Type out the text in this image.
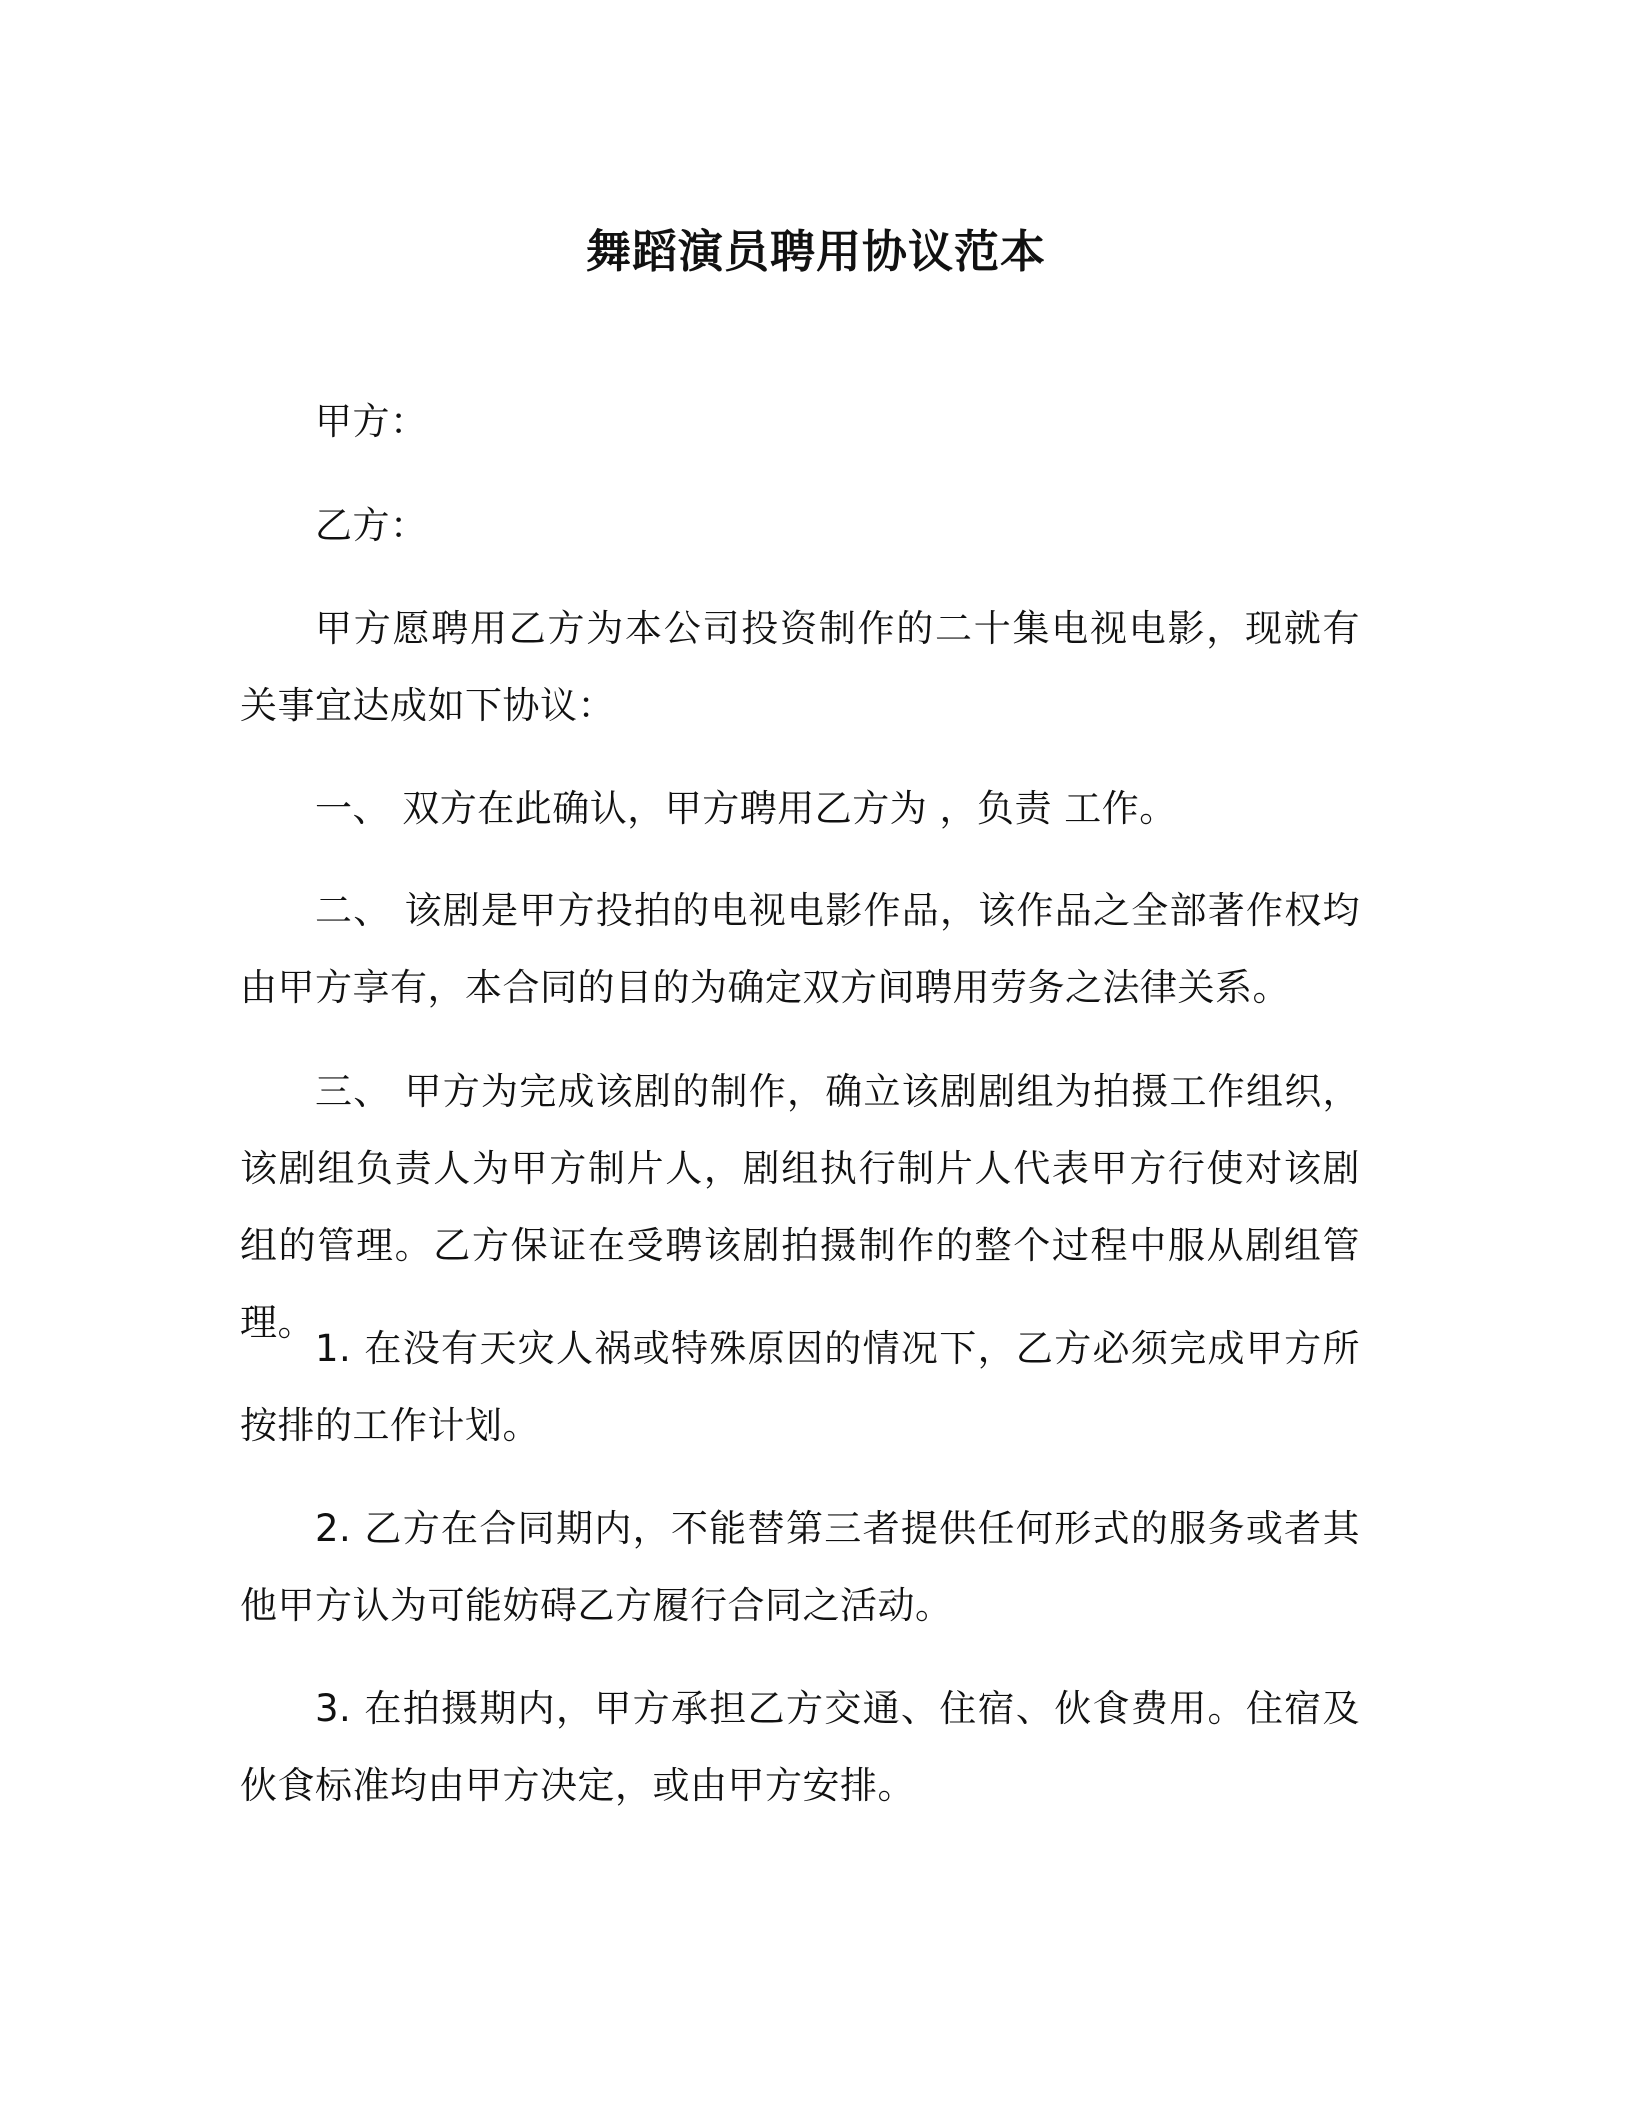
舞蹈演员聘用协议范本

甲方：

乙方：

甲方愿聘用乙方为本公司投资制作的二十集电视电影，现就有关事宜达成如下协议：

一、 双方在此确认，甲方聘用乙方为 ，负责 工作。

二、 该剧是甲方投拍的电视电影作品，该作品之全部著作权均由甲方享有，本合同的目的为确定双方间聘用劳务之法律关系。

三、 甲方为完成该剧的制作，确立该剧剧组为拍摄工作组织，该剧组负责人为甲方制片人，剧组执行制片人代表甲方行使对该剧组的管理。乙方保证在受聘该剧拍摄制作的整个过程中服从剧组管理。

1. 在没有天灾人祸或特殊原因的情况下，乙方必须完成甲方所按排的工作计划。

2. 乙方在合同期内，不能替第三者提供任何形式的服务或者其他甲方认为可能妨碍乙方履行合同之活动。

3. 在拍摄期内，甲方承担乙方交通、住宿、伙食费用。住宿及伙食标准均由甲方决定，或由甲方安排。
